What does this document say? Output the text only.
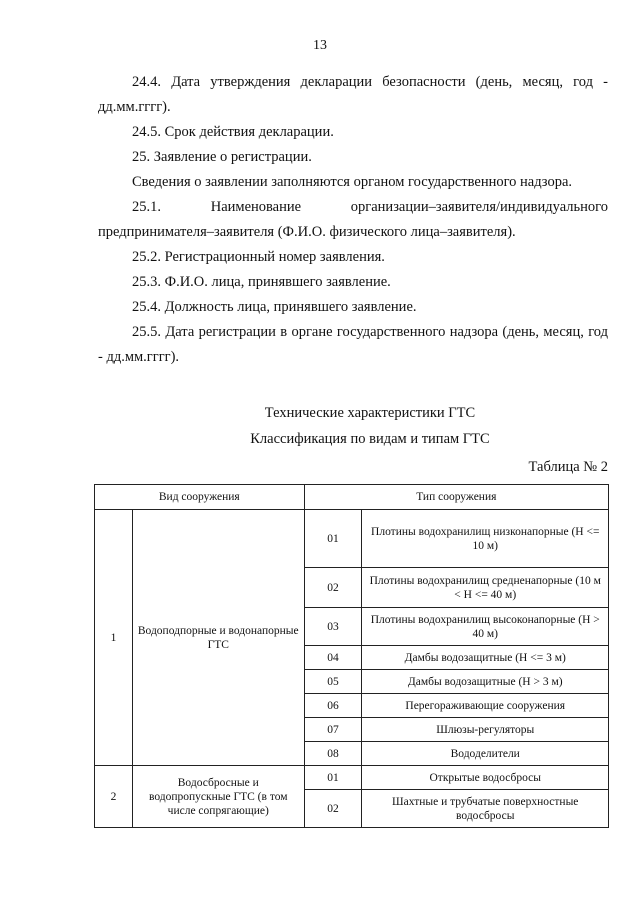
13

24.4. Дата утверждения декларации безопасности (день, месяц, год - дд.мм.гггг).

24.5. Срок действия декларации.

25. Заявление о регистрации.

Сведения о заявлении заполняются органом государственного надзора.

25.1. Наименование организации–заявителя/индивидуального

предпринимателя–заявителя (Ф.И.О. физического лица–заявителя).

25.2. Регистрационный номер заявления.

25.3. Ф.И.О. лица, принявшего заявление.

25.4. Должность лица, принявшего заявление.

25.5. Дата регистрации в органе государственного надзора (день, месяц, год - дд.мм.гггг).

Технические характеристики ГТС
Классификация по видам и типам ГТС
Таблица № 2
Вид сооружения		Тип сооружения	
1	Водоподпорные и водонапорные ГТС	01	Плотины водохранилищ низконапорные (Н <= 10 м)
		02	Плотины водохранилищ средненапорные (10 м < Н <= 40 м)
		03	Плотины водохранилищ высоконапорные (Н > 40 м)
		04	Дамбы водозащитные (Н <= 3 м)
		05	Дамбы водозащитные (Н > 3 м)
		06	Перегораживающие сооружения
		07	Шлюзы-регуляторы
		08	Вододелители
2	Водосбросные и водопропускные ГТС (в том числе сопрягающие)	01	Открытые водосбросы
		02	Шахтные и трубчатые поверхностные водосбросы
